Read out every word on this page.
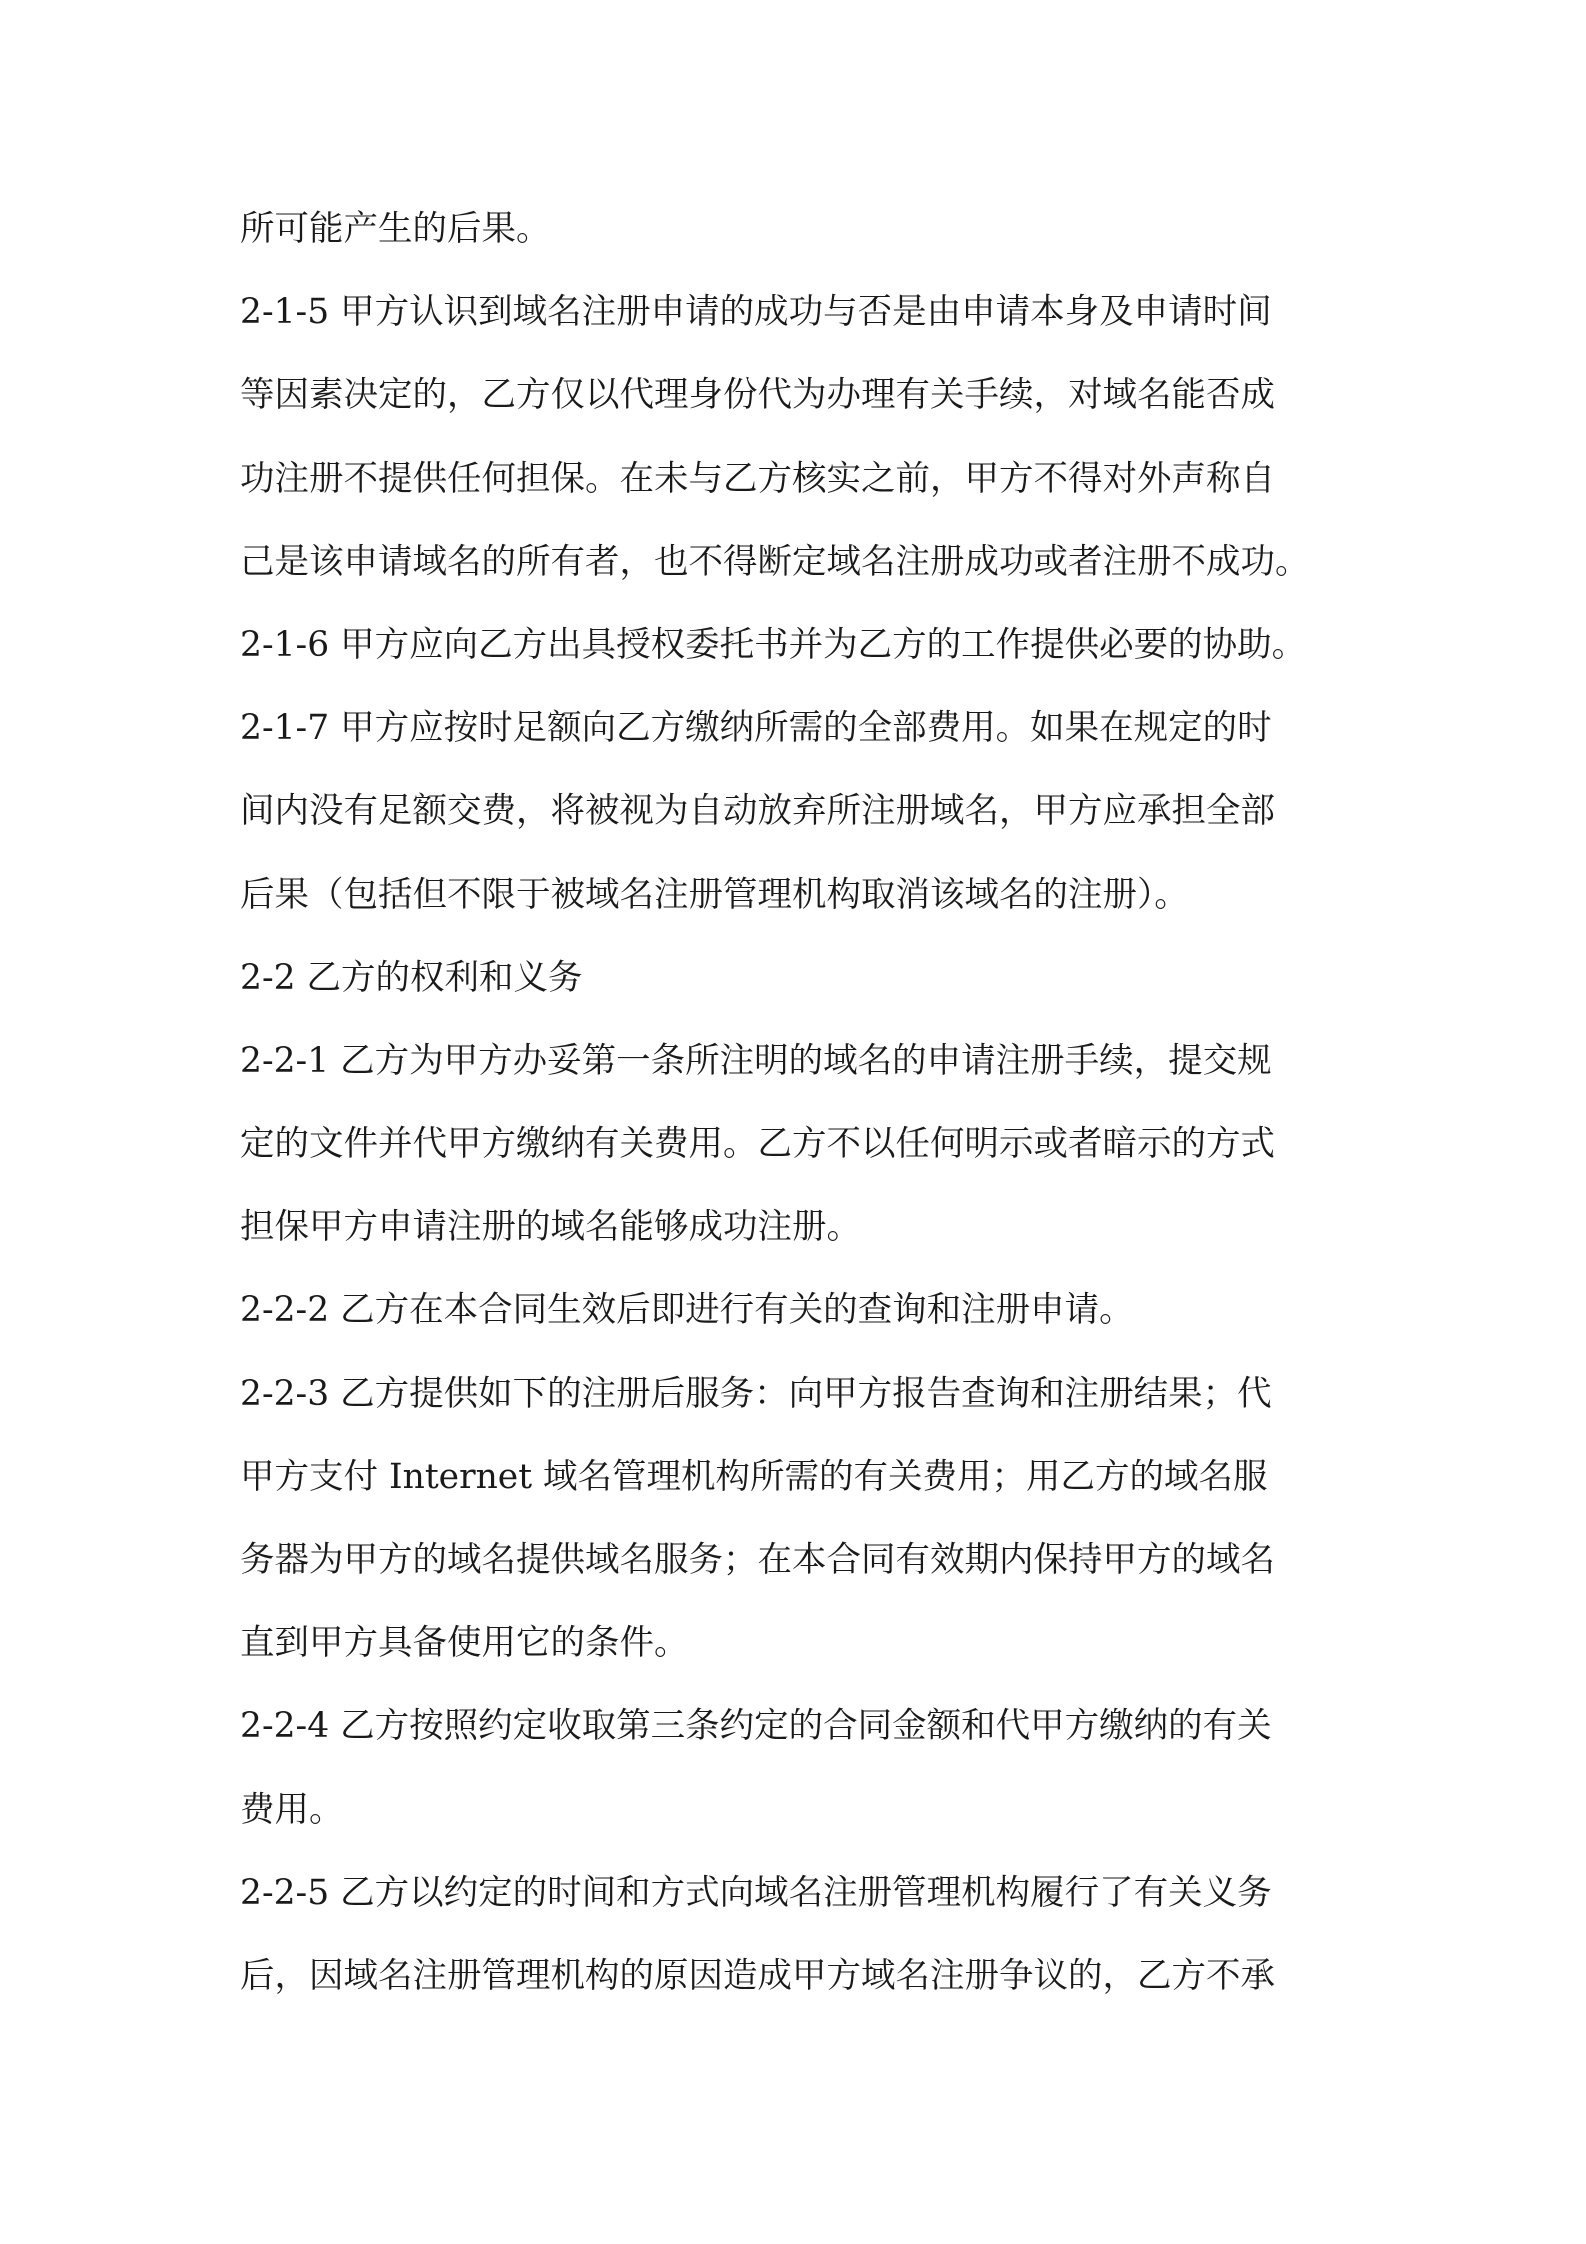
所可能产生的后果。
2-1-5 甲方认识到域名注册申请的成功与否是由申请本身及申请时间
等因素决定的，乙方仅以代理身份代为办理有关手续，对域名能否成
功注册不提供任何担保。在未与乙方核实之前，甲方不得对外声称自
己是该申请域名的所有者，也不得断定域名注册成功或者注册不成功。
2-1-6 甲方应向乙方出具授权委托书并为乙方的工作提供必要的协助。
2-1-7 甲方应按时足额向乙方缴纳所需的全部费用。如果在规定的时
间内没有足额交费，将被视为自动放弃所注册域名，甲方应承担全部
后果（包括但不限于被域名注册管理机构取消该域名的注册）。
2-2 乙方的权利和义务
2-2-1 乙方为甲方办妥第一条所注明的域名的申请注册手续，提交规
定的文件并代甲方缴纳有关费用。乙方不以任何明示或者暗示的方式
担保甲方申请注册的域名能够成功注册。
2-2-2 乙方在本合同生效后即进行有关的查询和注册申请。
2-2-3 乙方提供如下的注册后服务：向甲方报告查询和注册结果；代
甲方支付 Internet 域名管理机构所需的有关费用；用乙方的域名服
务器为甲方的域名提供域名服务；在本合同有效期内保持甲方的域名
直到甲方具备使用它的条件。
2-2-4 乙方按照约定收取第三条约定的合同金额和代甲方缴纳的有关
费用。
2-2-5 乙方以约定的时间和方式向域名注册管理机构履行了有关义务
后，因域名注册管理机构的原因造成甲方域名注册争议的，乙方不承
